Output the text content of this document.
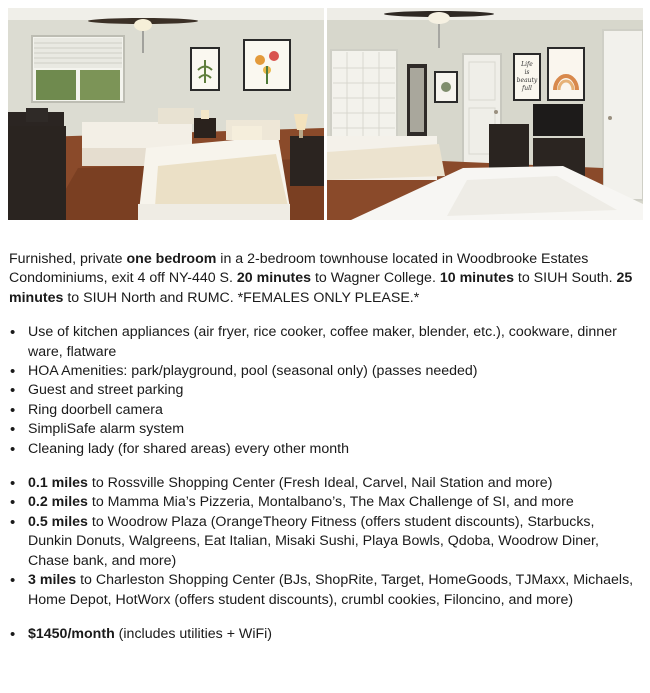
Life
is
beauty
full

Furnished, private one bedroom in a 2-bedroom townhouse located in Woodbrooke Estates Condominiums, exit 4 off NY-440 S. 20 minutes to Wagner College. 10 minutes to SIUH South. 25 minutes to SIUH North and RUMC. *FEMALES ONLY PLEASE.*

• Use of kitchen appliances (air fryer, rice cooker, coffee maker, blender, etc.), cookware, dinner ware, flatware
• HOA Amenities: park/playground, pool (seasonal only) (passes needed)
• Guest and street parking
• Ring doorbell camera
• SimpliSafe alarm system
• Cleaning lady (for shared areas) every other month
• 0.1 miles to Rossville Shopping Center (Fresh Ideal, Carvel, Nail Station and more)
• 0.2 miles to Mamma Mia’s Pizzeria, Montalbano’s, The Max Challenge of SI, and more
• 0.5 miles to Woodrow Plaza (OrangeTheory Fitness (offers student discounts), Starbucks, Dunkin Donuts, Walgreens, Eat Italian, Misaki Sushi, Playa Bowls, Qdoba, Woodrow Diner, Chase bank, and more)
• 3 miles to Charleston Shopping Center (BJs, ShopRite, Target, HomeGoods, TJMaxx, Michaels, Home Depot, HotWorx (offers student discounts), crumbl cookies, Filoncino, and more)
• $1450/month (includes utilities + WiFi)
